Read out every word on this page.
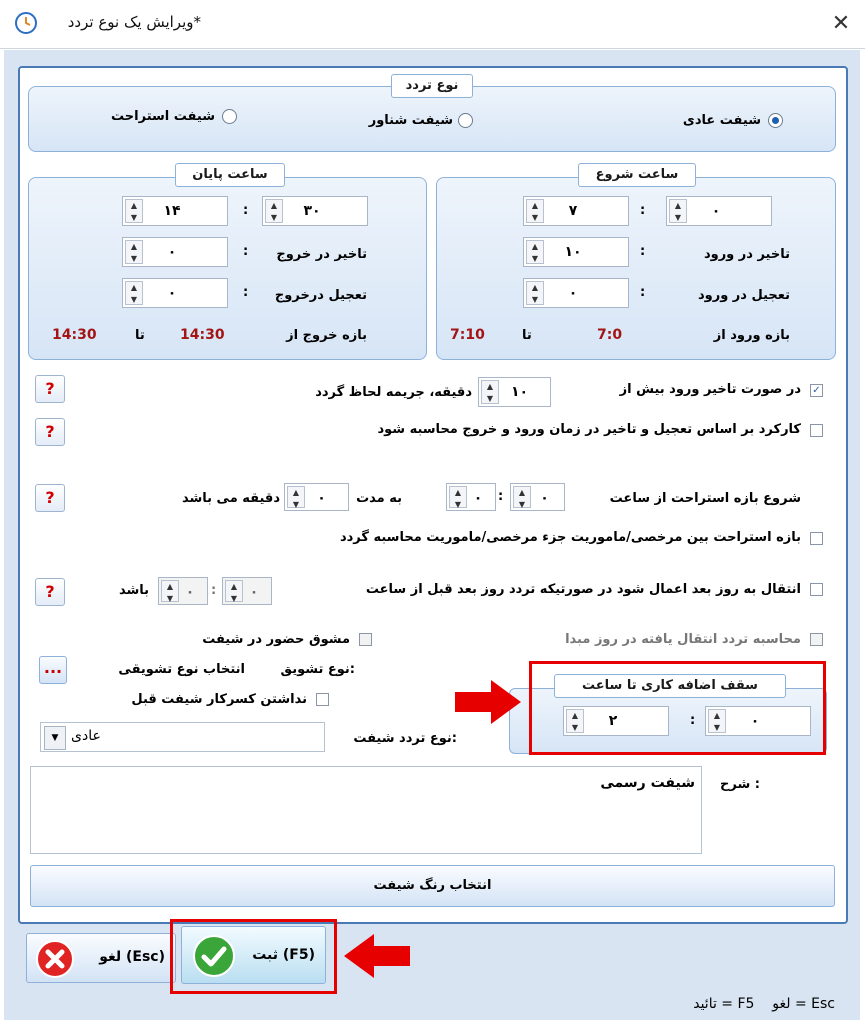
ویرایش یک نوع تردد*	✕
نوع تردد
شیفت عادی
شیفت شناور
شیفت استراحت
ساعت شروع
▲
▼	۰
:
▲
▼	۷
▲
▼	۱۰	:	تاخیر در ورود
▲
▼	۰	:	تعجیل در ورود
بازه ورود از
7:0
تا
7:10
ساعت پایان
▲
▼	۳۰
:
▲
▼	۱۴
▲
▼	۰	: تاخیر در خروج
▲
▼	۰	: تعجیل درخروج
بازه خروج از
14:30
تا
14:30
✓
در صورت تاخیر ورود بیش از
▲
▼	۱۰
دقیقه، جریمه لحاظ گردد
?
کارکرد بر اساس تعجیل و تاخیر در زمان ورود و خروج محاسبه شود
?
شروع بازه استراحت از ساعت
▲
▼	۰
:
▲
▼ ۰
به مدت
▲
▼	۰
دقیقه می باشد
?
بازه استراحت بین مرخصی/ماموریت جزء مرخصی/ماموریت محاسبه گردد
انتقال به روز بعد اعمال شود در صورتیکه تردد روز بعد قبل از ساعت
▲
▼ ۰
:
▲
▼ ۰
باشد
?
محاسبه تردد انتقال یافته در روز مبدا
مشوق حضور در شیفت
نوع تشویق:
انتخاب نوع تشویقی
...
نداشتن کسرکار شیفت قبل
سقف اضافه کاری تا ساعت
▲
▼	۰
:
▲
▼	۲
▼ عادی	نوع تردد شیفت:
شیفت رسمی شرح :
انتخاب رنگ شیفت
لغو (Esc)	ثبت (F5)
تائید = F5    لغو = Esc
